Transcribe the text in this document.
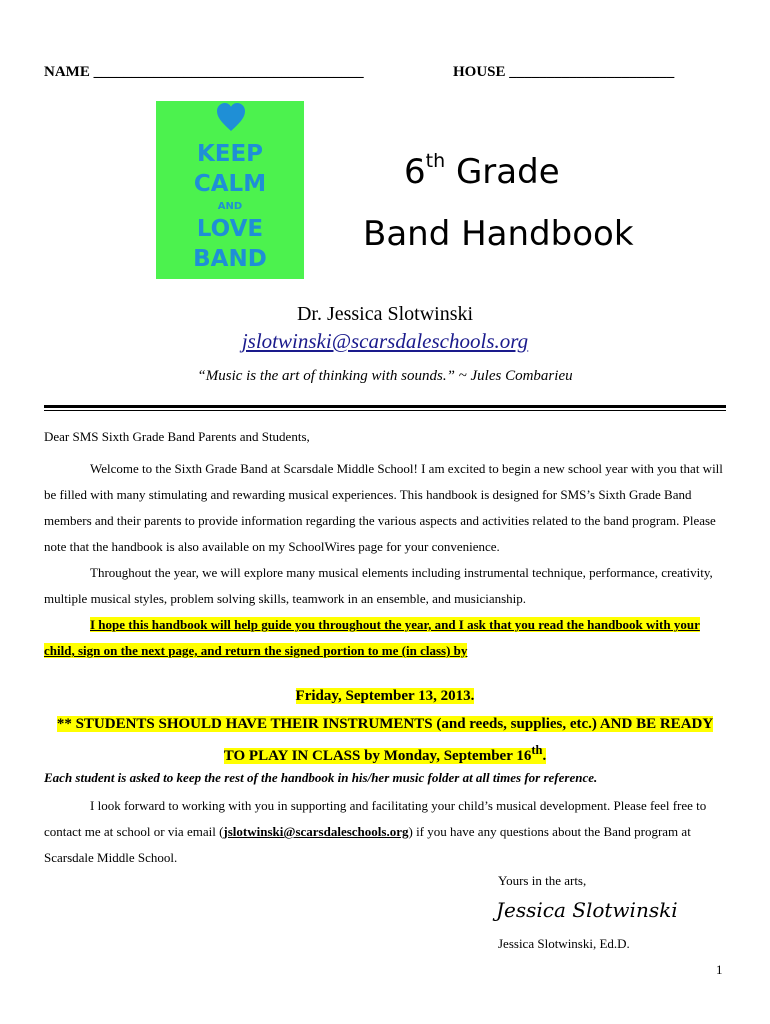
NAME ____________________________________	HOUSE ______________________
KEEP
CALM
AND
LOVE
BAND
6th Grade
Band Handbook
Dr. Jessica Slotwinski
jslotwinski@scarsdaleschools.org
“Music is the art of thinking with sounds.” ~ Jules Combarieu
Dear SMS Sixth Grade Band Parents and Students,
Welcome to the Sixth Grade Band at Scarsdale Middle School! I am excited to begin a new school year with you that will be filled with many stimulating and rewarding musical experiences. This handbook is designed for SMS’s Sixth Grade Band members and their parents to provide information regarding the various aspects and activities related to the band program. Please note that the handbook is also available on my SchoolWires page for your convenience.
Throughout the year, we will explore many musical elements including instrumental technique, performance, creativity, multiple musical styles, problem solving skills, teamwork in an ensemble, and musicianship.
I hope this handbook will help guide you throughout the year, and I ask that you read the handbook with your child, sign on the next page, and return the signed portion to me (in class) by
Friday, September 13, 2013.
** STUDENTS SHOULD HAVE THEIR INSTRUMENTS (and reeds, supplies, etc.) AND BE READY
TO PLAY IN CLASS by Monday, September 16th.
Each student is asked to keep the rest of the handbook in his/her music folder at all times for reference.
I look forward to working with you in supporting and facilitating your child’s musical development. Please feel free to contact me at school or via email (jslotwinski@scarsdaleschools.org) if you have any questions about the Band program at Scarsdale Middle School.
Yours in the arts,
Jessica Slotwinski
Jessica Slotwinski, Ed.D.
1
